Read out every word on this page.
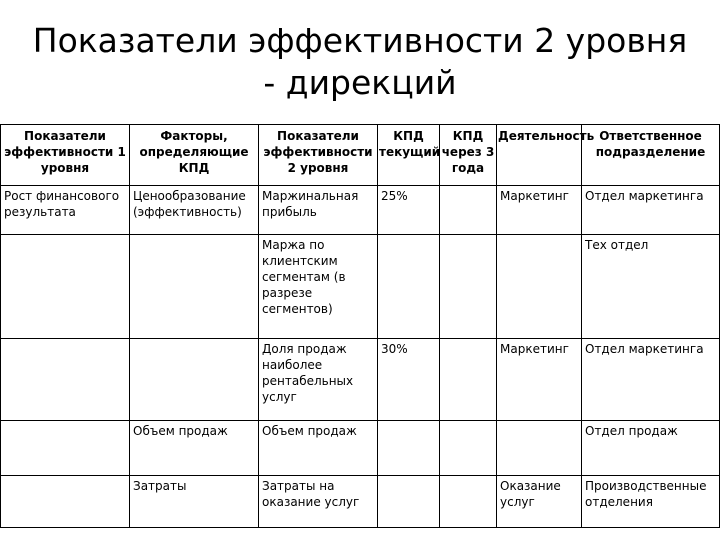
Показатели эффективности 2 уровня
- дирекций
Показатели эффективности 1 уровня	Факторы, определяющие КПД	Показатели эффективности 2 уровня	КПД текущий	КПД через 3 года	Деятельность	Ответственное подразделение
Рост финансового результата	Ценообразование (эффективность)	Маржинальная прибыль	25%		Маркетинг	Отдел маркетинга
		Маржа по клиентским сегментам (в разрезе сегментов)				Тех отдел
		Доля продаж наиболее рентабельных услуг	30%		Маркетинг	Отдел маркетинга
	Объем продаж	Объем продаж				Отдел продаж
	Затраты	Затраты на оказание услуг			Оказание услуг	Производственные отделения
